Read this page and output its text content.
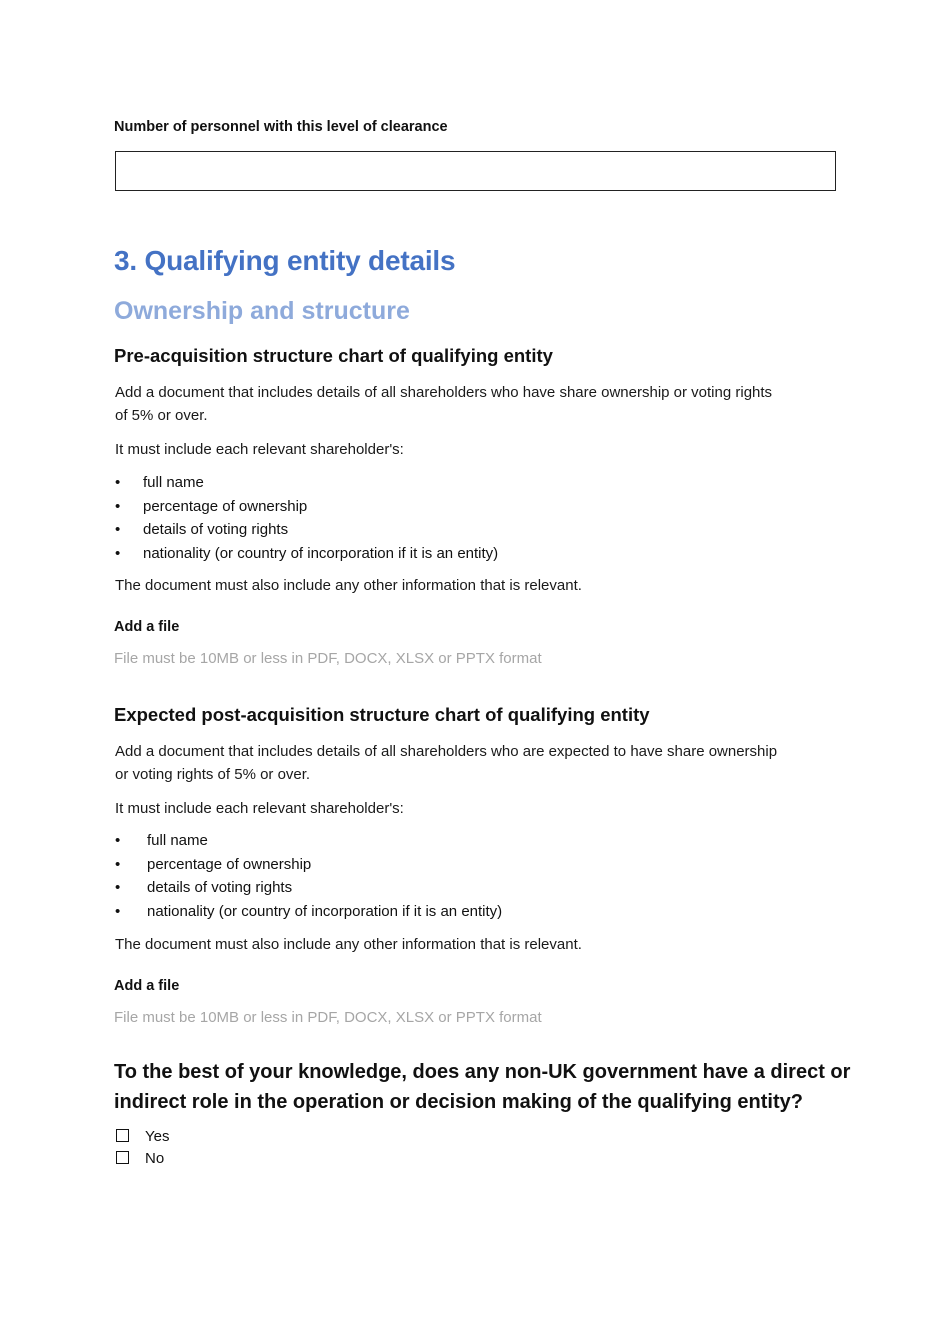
Number of personnel with this level of clearance
3. Qualifying entity details
Ownership and structure
Pre-acquisition structure chart of qualifying entity
Add a document that includes details of all shareholders who have share ownership or voting rights
of 5% or over.
It must include each relevant shareholder's:
•	full name
•	percentage of ownership
•	details of voting rights
•	nationality (or country of incorporation if it is an entity)
The document must also include any other information that is relevant.
Add a file
File must be 10MB or less in PDF, DOCX, XLSX or PPTX format
Expected post-acquisition structure chart of qualifying entity
Add a document that includes details of all shareholders who are expected to have share ownership
or voting rights of 5% or over.
It must include each relevant shareholder's:
•	full name
•	percentage of ownership
•	details of voting rights
•	nationality (or country of incorporation if it is an entity)
The document must also include any other information that is relevant.
Add a file
File must be 10MB or less in PDF, DOCX, XLSX or PPTX format
To the best of your knowledge, does any non-UK government have a direct or
indirect role in the operation or decision making of the qualifying entity?
Yes
No
